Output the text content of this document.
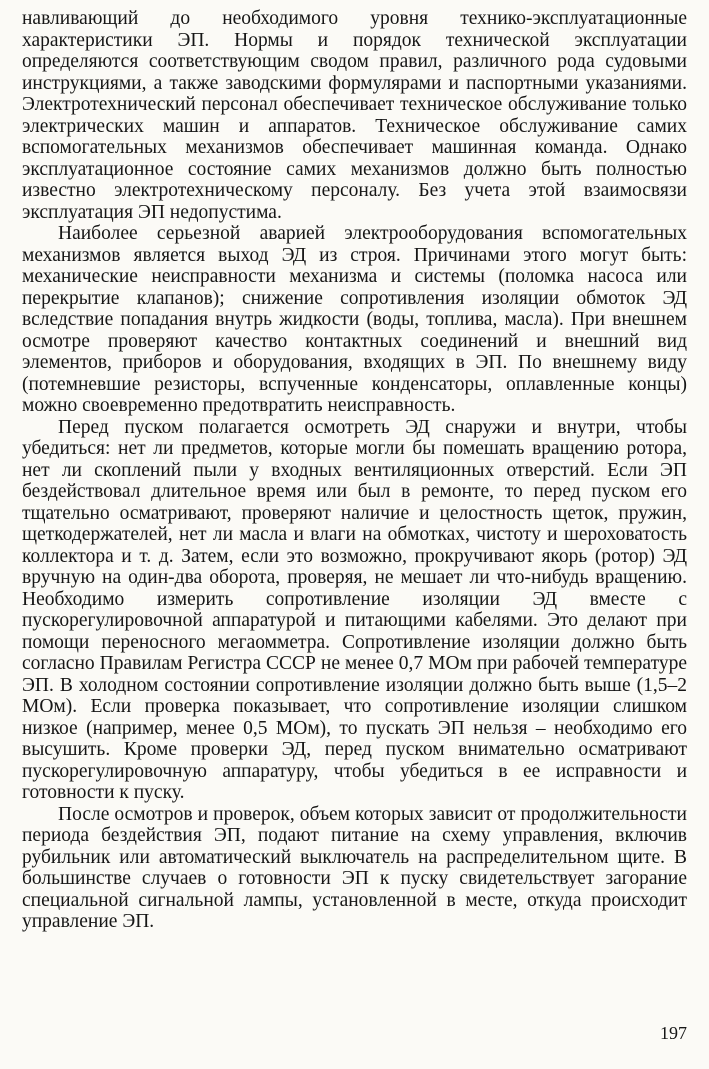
навливающий до необходимого уровня технико-эксплуатационные характеристики ЭП. Нормы и порядок технической эксплуатации определяются соответствующим сводом правил, различного рода судовыми инструкциями, а также заводскими формулярами и паспортными указаниями. Электротехнический персонал обеспечивает техническое обслуживание только электрических машин и аппаратов. Техническое обслуживание самих вспомогательных механизмов обеспечивает машинная команда. Однако эксплуатационное состояние самих механизмов должно быть полностью известно электротехническому персоналу. Без учета этой взаимосвязи эксплуатация ЭП недопустима.

Наиболее серьезной аварией электрооборудования вспомогательных механизмов является выход ЭД из строя. Причинами этого могут быть: механические неисправности механизма и системы (поломка насоса или перекрытие клапанов); снижение сопротивления изоляции обмоток ЭД вследствие попадания внутрь жидкости (воды, топлива, масла). При внешнем осмотре проверяют качество контактных соединений и внешний вид элементов, приборов и оборудования, входящих в ЭП. По внешнему виду (потемневшие резисторы, вспученные конденсаторы, оплавленные концы) можно своевременно предотвратить неисправность.

Перед пуском полагается осмотреть ЭД снаружи и внутри, чтобы убедиться: нет ли предметов, которые могли бы помешать вращению ротора, нет ли скоплений пыли у входных вентиляционных отверстий. Если ЭП бездействовал длительное время или был в ремонте, то перед пуском его тщательно осматривают, проверяют наличие и целостность щеток, пружин, щеткодержателей, нет ли масла и влаги на обмотках, чистоту и шероховатость коллектора и т. д. Затем, если это возможно, прокручивают якорь (ротор) ЭД вручную на один-два оборота, проверяя, не мешает ли что-нибудь вращению. Необходимо измерить сопротивление изоляции ЭД вместе с пускорегулировочной аппаратурой и питающими кабелями. Это делают при помощи переносного мегаомметра. Сопротивление изоляции должно быть согласно Правилам Регистра СССР не менее 0,7 МОм при рабочей температуре ЭП. В холодном состоянии сопротивление изоляции должно быть выше (1,5–2 МОм). Если проверка показывает, что сопротивление изоляции слишком низкое (например, менее 0,5 МОм), то пускать ЭП нельзя – необходимо его высушить. Кроме проверки ЭД, перед пуском внимательно осматривают пускорегулировочную аппаратуру, чтобы убедиться в ее исправности и готовности к пуску.

После осмотров и проверок, объем которых зависит от продолжительности периода бездействия ЭП, подают питание на схему управления, включив рубильник или автоматический выключатель на распределительном щите. В большинстве случаев о готовности ЭП к пуску свидетельствует загорание специальной сигнальной лампы, установленной в месте, откуда происходит управление ЭП.

197
